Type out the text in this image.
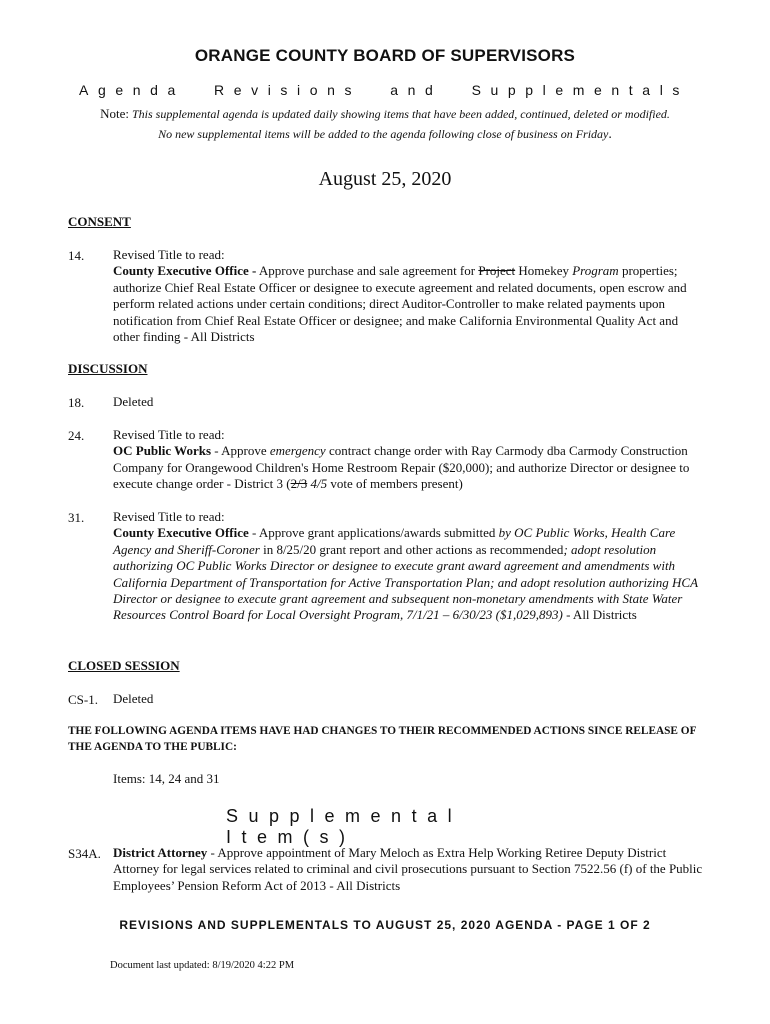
ORANGE COUNTY BOARD OF SUPERVISORS
Agenda Revisions and Supplementals
Note: This supplemental agenda is updated daily showing items that have been added, continued, deleted or modified.
No new supplemental items will be added to the agenda following close of business on Friday.
August 25, 2020
CONSENT
14. Revised Title to read:
County Executive Office - Approve purchase and sale agreement for Project Homekey Program properties; authorize Chief Real Estate Officer or designee to execute agreement and related documents, open escrow and perform related actions under certain conditions; direct Auditor-Controller to make related payments upon notification from Chief Real Estate Officer or designee; and make California Environmental Quality Act and other finding - All Districts
DISCUSSION
18. Deleted
24. Revised Title to read:
OC Public Works - Approve emergency contract change order with Ray Carmody dba Carmody Construction Company for Orangewood Children's Home Restroom Repair ($20,000); and authorize Director or designee to execute change order - District 3 (2/3 4/5 vote of members present)
31. Revised Title to read:
County Executive Office - Approve grant applications/awards submitted by OC Public Works, Health Care Agency and Sheriff-Coroner in 8/25/20 grant report and other actions as recommended; adopt resolution authorizing OC Public Works Director or designee to execute grant award agreement and amendments with California Department of Transportation for Active Transportation Plan; and adopt resolution authorizing HCA Director or designee to execute grant agreement and subsequent non-monetary amendments with State Water Resources Control Board for Local Oversight Program, 7/1/21 – 6/30/23 ($1,029,893) - All Districts
CLOSED SESSION
CS-1. Deleted
THE FOLLOWING AGENDA ITEMS HAVE HAD CHANGES TO THEIR RECOMMENDED ACTIONS SINCE RELEASE OF THE AGENDA TO THE PUBLIC:
Items: 14, 24 and 31
Supplemental Item(s)
S34A. District Attorney - Approve appointment of Mary Meloch as Extra Help Working Retiree Deputy District Attorney for legal services related to criminal and civil prosecutions pursuant to Section 7522.56 (f) of the Public Employees’ Pension Reform Act of 2013 - All Districts
REVISIONS AND SUPPLEMENTALS TO AUGUST 25, 2020 AGENDA - PAGE 1 OF 2
Document last updated: 8/19/2020 4:22 PM
